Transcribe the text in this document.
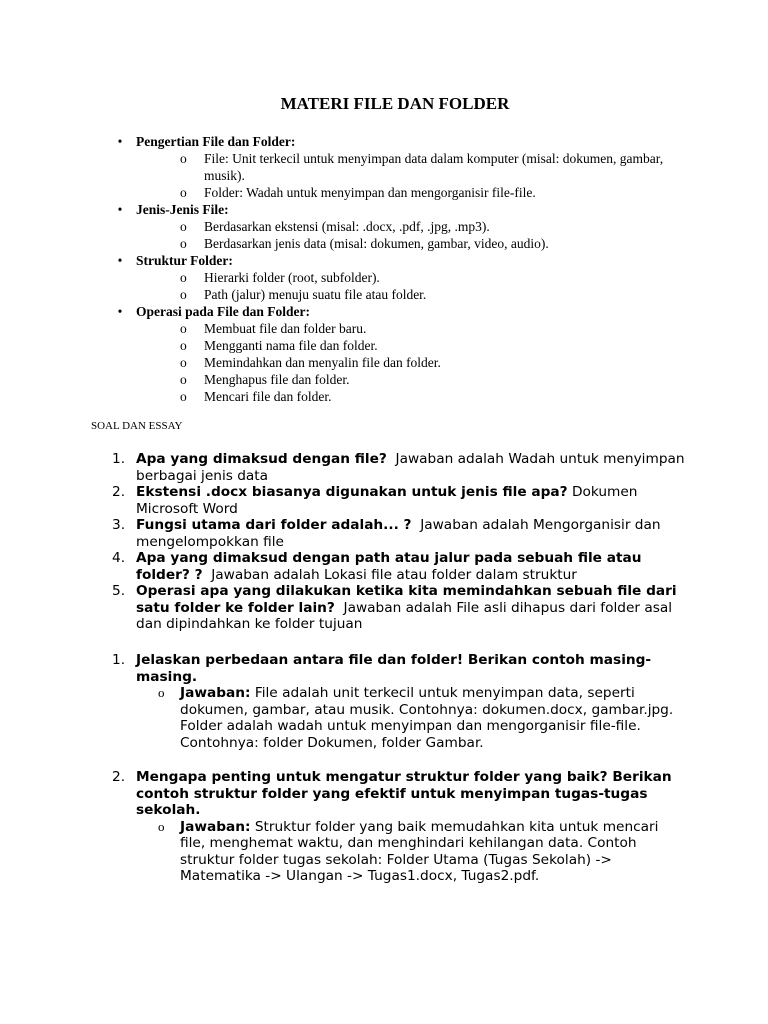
MATERI FILE DAN FOLDER
•	Pengertian File dan Folder:
o File: Unit terkecil untuk menyimpan data dalam komputer (misal: dokumen, gambar, musik).
o Folder: Wadah untuk menyimpan dan mengorganisir file-file.
•	Jenis-Jenis File:
o Berdasarkan ekstensi (misal: .docx, .pdf, .jpg, .mp3).
o Berdasarkan jenis data (misal: dokumen, gambar, video, audio).
•	Struktur Folder:
o Hierarki folder (root, subfolder).
o Path (jalur) menuju suatu file atau folder.
•	Operasi pada File dan Folder:
o Membuat file dan folder baru.
o Mengganti nama file dan folder.
o Memindahkan dan menyalin file dan folder.
o Menghapus file dan folder.
o Mencari file dan folder.

SOAL DAN ESSAY

1. Apa yang dimaksud dengan file? Jawaban adalah Wadah untuk menyimpan berbagai jenis data
2. Ekstensi .docx biasanya digunakan untuk jenis file apa? Dokumen Microsoft Word
3. Fungsi utama dari folder adalah... ? Jawaban adalah Mengorganisir dan mengelompokkan file
4. Apa yang dimaksud dengan path atau jalur pada sebuah file atau folder? ? Jawaban adalah Lokasi file atau folder dalam struktur
5. Operasi apa yang dilakukan ketika kita memindahkan sebuah file dari satu folder ke folder lain? Jawaban adalah File asli dihapus dari folder asal dan dipindahkan ke folder tujuan
1. Jelaskan perbedaan antara file dan folder! Berikan contoh masing-masing.
o Jawaban: File adalah unit terkecil untuk menyimpan data, seperti dokumen, gambar, atau musik. Contohnya: dokumen.docx, gambar.jpg. Folder adalah wadah untuk menyimpan dan mengorganisir file-file. Contohnya: folder Dokumen, folder Gambar.
2. Mengapa penting untuk mengatur struktur folder yang baik? Berikan contoh struktur folder yang efektif untuk menyimpan tugas-tugas sekolah.
o Jawaban: Struktur folder yang baik memudahkan kita untuk mencari file, menghemat waktu, dan menghindari kehilangan data. Contoh struktur folder tugas sekolah: Folder Utama (Tugas Sekolah) -> Matematika -> Ulangan -> Tugas1.docx, Tugas2.pdf.
